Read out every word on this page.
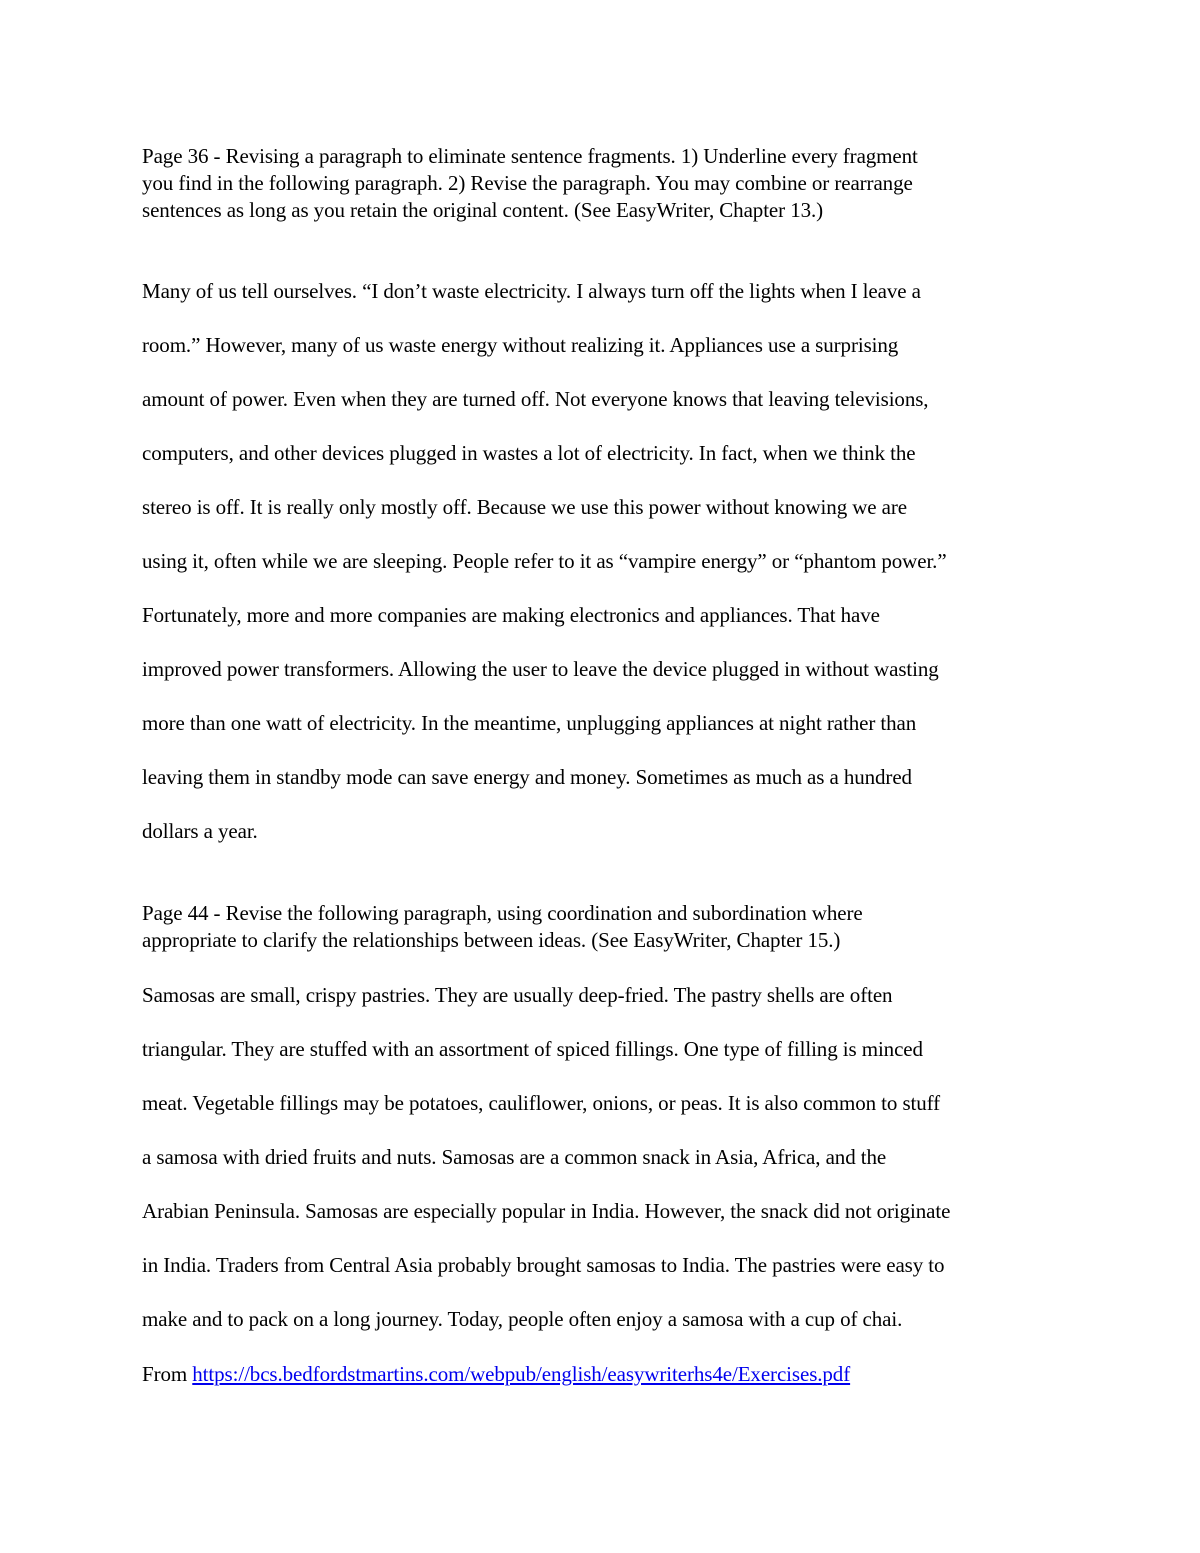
Page 36 - Revising a paragraph to eliminate sentence fragments. 1) Underline every fragment
you find in the following paragraph. 2) Revise the paragraph. You may combine or rearrange
sentences as long as you retain the original content. (See EasyWriter, Chapter 13.)
Many of us tell ourselves. “I don’t waste electricity. I always turn off the lights when I leave a
room.” However, many of us waste energy without realizing it. Appliances use a surprising
amount of power. Even when they are turned off. Not everyone knows that leaving televisions,
computers, and other devices plugged in wastes a lot of electricity. In fact, when we think the
stereo is off. It is really only mostly off. Because we use this power without knowing we are
using it, often while we are sleeping. People refer to it as “vampire energy” or “phantom power.”
Fortunately, more and more companies are making electronics and appliances. That have
improved power transformers. Allowing the user to leave the device plugged in without wasting
more than one watt of electricity. In the meantime, unplugging appliances at night rather than
leaving them in standby mode can save energy and money. Sometimes as much as a hundred
dollars a year.
Page 44 - Revise the following paragraph, using coordination and subordination where
appropriate to clarify the relationships between ideas. (See EasyWriter, Chapter 15.)
Samosas are small, crispy pastries. They are usually deep-fried. The pastry shells are often
triangular. They are stuffed with an assortment of spiced fillings. One type of filling is minced
meat. Vegetable fillings may be potatoes, cauliflower, onions, or peas. It is also common to stuff
a samosa with dried fruits and nuts. Samosas are a common snack in Asia, Africa, and the
Arabian Peninsula. Samosas are especially popular in India. However, the snack did not originate
in India. Traders from Central Asia probably brought samosas to India. The pastries were easy to
make and to pack on a long journey. Today, people often enjoy a samosa with a cup of chai.
From https://bcs.bedfordstmartins.com/webpub/english/easywriterhs4e/Exercises.pdf
